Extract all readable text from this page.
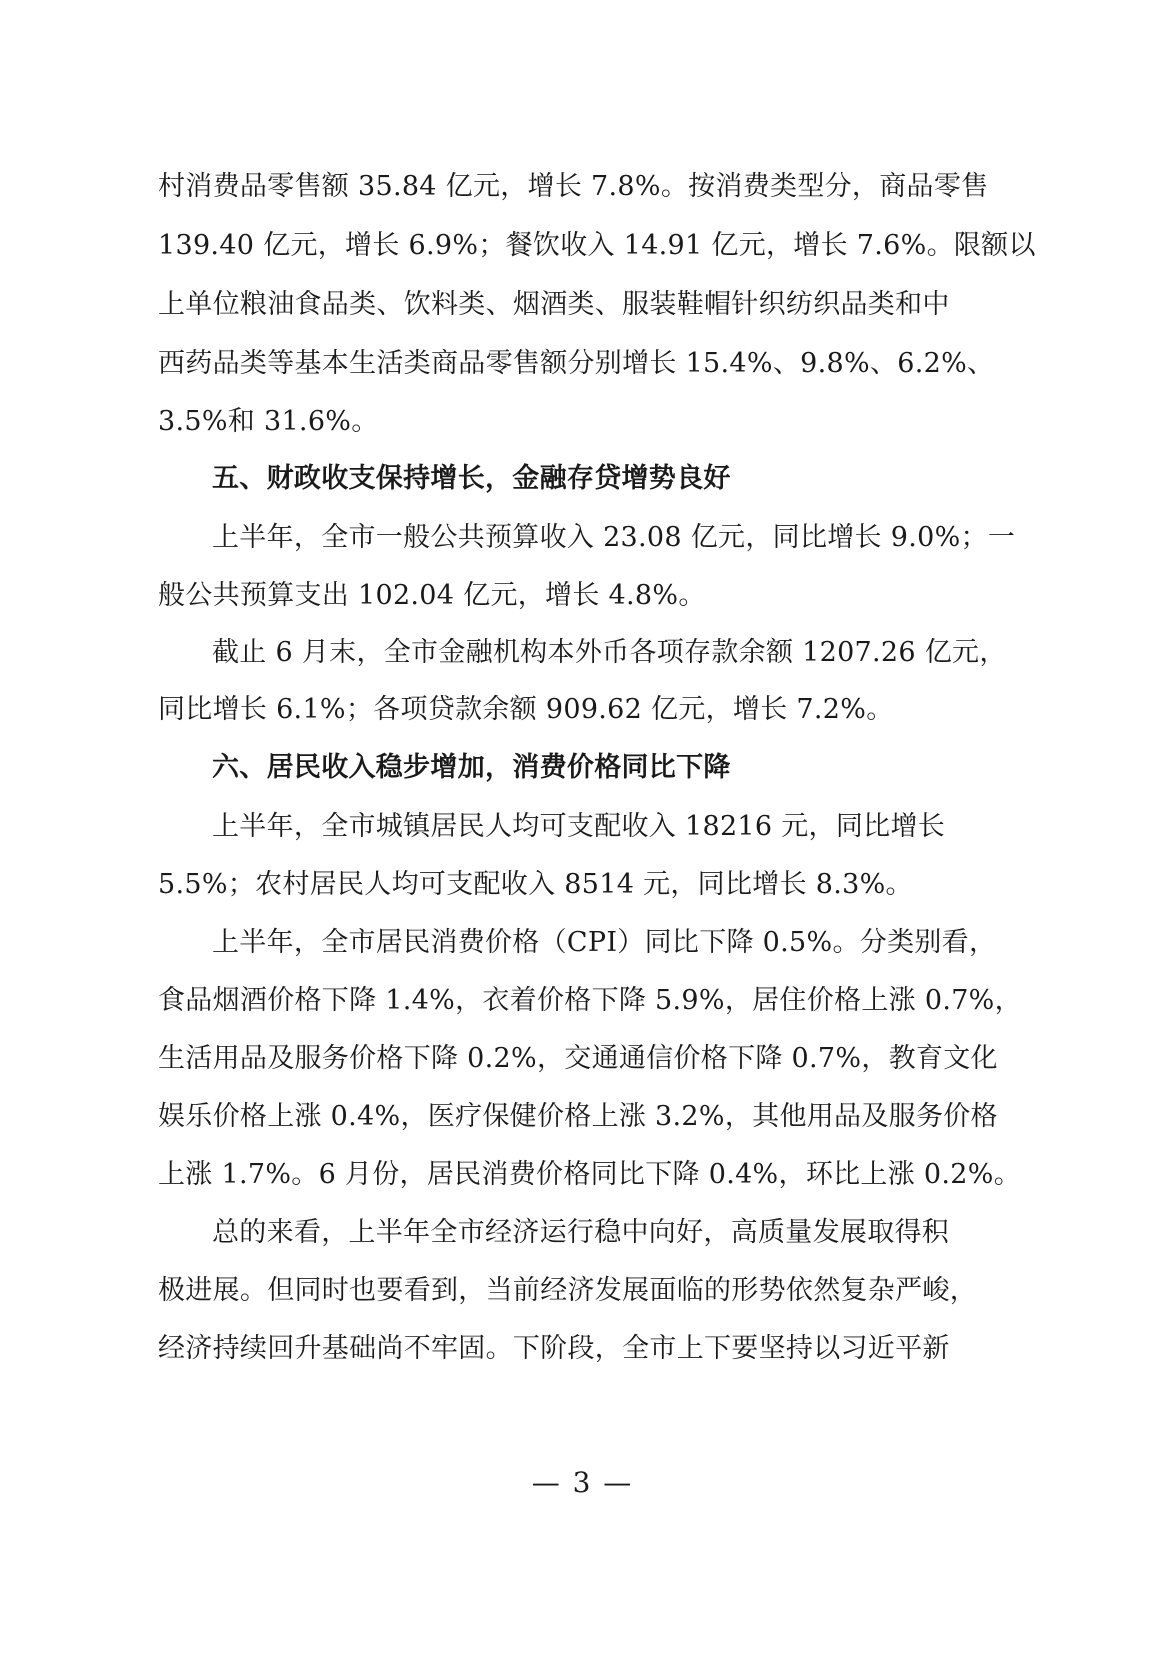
村消费品零售额 35.84 亿元，增长 7.8%。按消费类型分，商品零售
139.40 亿元，增长 6.9%；餐饮收入 14.91 亿元，增长 7.6%。限额以
上单位粮油食品类、饮料类、烟酒类、服装鞋帽针织纺织品类和中
西药品类等基本生活类商品零售额分别增长 15.4%、9.8%、6.2%、
3.5%和 31.6%。
五、财政收支保持增长，金融存贷增势良好
上半年，全市一般公共预算收入 23.08 亿元，同比增长 9.0%；一
般公共预算支出 102.04 亿元，增长 4.8%。
截止 6 月末，全市金融机构本外币各项存款余额 1207.26 亿元，
同比增长 6.1%；各项贷款余额 909.62 亿元，增长 7.2%。
六、居民收入稳步增加，消费价格同比下降
上半年，全市城镇居民人均可支配收入 18216 元，同比增长
5.5%；农村居民人均可支配收入 8514 元，同比增长 8.3%。
上半年，全市居民消费价格（CPI）同比下降 0.5%。分类别看，
食品烟酒价格下降 1.4%，衣着价格下降 5.9%，居住价格上涨 0.7%，
生活用品及服务价格下降 0.2%，交通通信价格下降 0.7%，教育文化
娱乐价格上涨 0.4%，医疗保健价格上涨 3.2%，其他用品及服务价格
上涨 1.7%。6 月份，居民消费价格同比下降 0.4%，环比上涨 0.2%。
总的来看，上半年全市经济运行稳中向好，高质量发展取得积
极进展。但同时也要看到，当前经济发展面临的形势依然复杂严峻，
经济持续回升基础尚不牢固。下阶段，全市上下要坚持以习近平新
— 3 —
